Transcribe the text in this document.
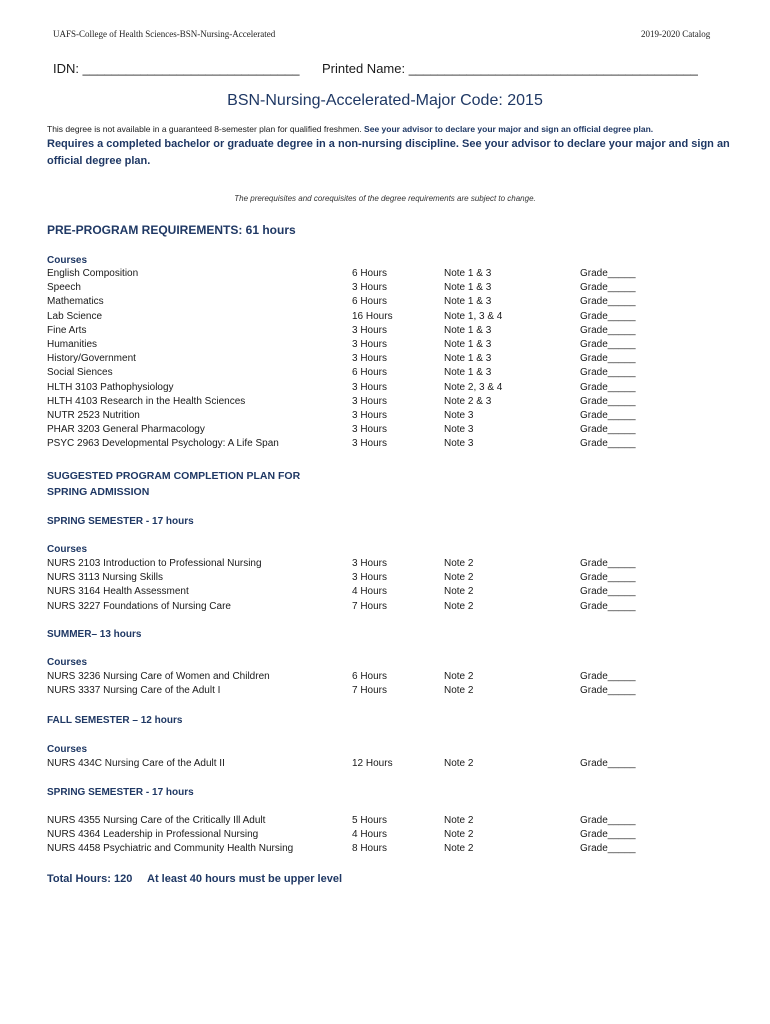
UAFS-College of Health Sciences-BSN-Nursing-Accelerated	2019-2020 Catalog
IDN: ______________________________ Printed Name: ________________________________________
BSN-Nursing-Accelerated-Major Code: 2015
This degree is not available in a guaranteed 8-semester plan for qualified freshmen. See your advisor to declare your major and sign an official degree plan.
Requires a completed bachelor or graduate degree in a non-nursing discipline. See your advisor to declare your major and sign an official degree plan.
The prerequisites and corequisites of the degree requirements are subject to change.
PRE-PROGRAM REQUIREMENTS: 61 hours
Courses
English Composition	6 Hours	Note 1 & 3	Grade_____
Speech	3 Hours	Note 1 & 3	Grade_____
Mathematics	6 Hours	Note 1 & 3	Grade_____
Lab Science	16 Hours	Note 1, 3 & 4	Grade_____
Fine Arts	3 Hours	Note 1 & 3	Grade_____
Humanities	3 Hours	Note 1 & 3	Grade_____
History/Government	3 Hours	Note 1 & 3	Grade_____
Social Siences	6 Hours	Note 1 & 3	Grade_____
HLTH 3103 Pathophysiology	3 Hours	Note 2, 3 & 4	Grade_____
HLTH 4103 Research in the Health Sciences	3 Hours	Note 2 & 3	Grade_____
NUTR 2523 Nutrition	3 Hours	Note 3	Grade_____
PHAR 3203 General Pharmacology	3 Hours	Note 3	Grade_____
PSYC 2963 Developmental Psychology: A Life Span	3 Hours	Note 3	Grade_____
SUGGESTED PROGRAM COMPLETION PLAN FOR
SPRING ADMISSION
SPRING SEMESTER - 17 hours
Courses
NURS 2103 Introduction to Professional Nursing	3 Hours	Note 2	Grade_____
NURS 3113 Nursing Skills	3 Hours	Note 2	Grade_____
NURS 3164 Health Assessment	4 Hours	Note 2	Grade_____
NURS 3227 Foundations of Nursing Care	7 Hours	Note 2	Grade_____
SUMMER– 13 hours
Courses
NURS 3236 Nursing Care of Women and Children	6 Hours	Note 2	Grade_____
NURS 3337 Nursing Care of the Adult I	7 Hours	Note 2	Grade_____
FALL SEMESTER – 12 hours
Courses
NURS 434C Nursing Care of the Adult II	12 Hours	Note 2	Grade_____
SPRING SEMESTER - 17 hours
NURS 4355 Nursing Care of the Critically Ill Adult	5 Hours	Note 2	Grade_____
NURS 4364 Leadership in Professional Nursing	4 Hours	Note 2	Grade_____
NURS 4458 Psychiatric and Community Health Nursing	8 Hours	Note 2	Grade_____
Total Hours: 120 At least 40 hours must be upper level
